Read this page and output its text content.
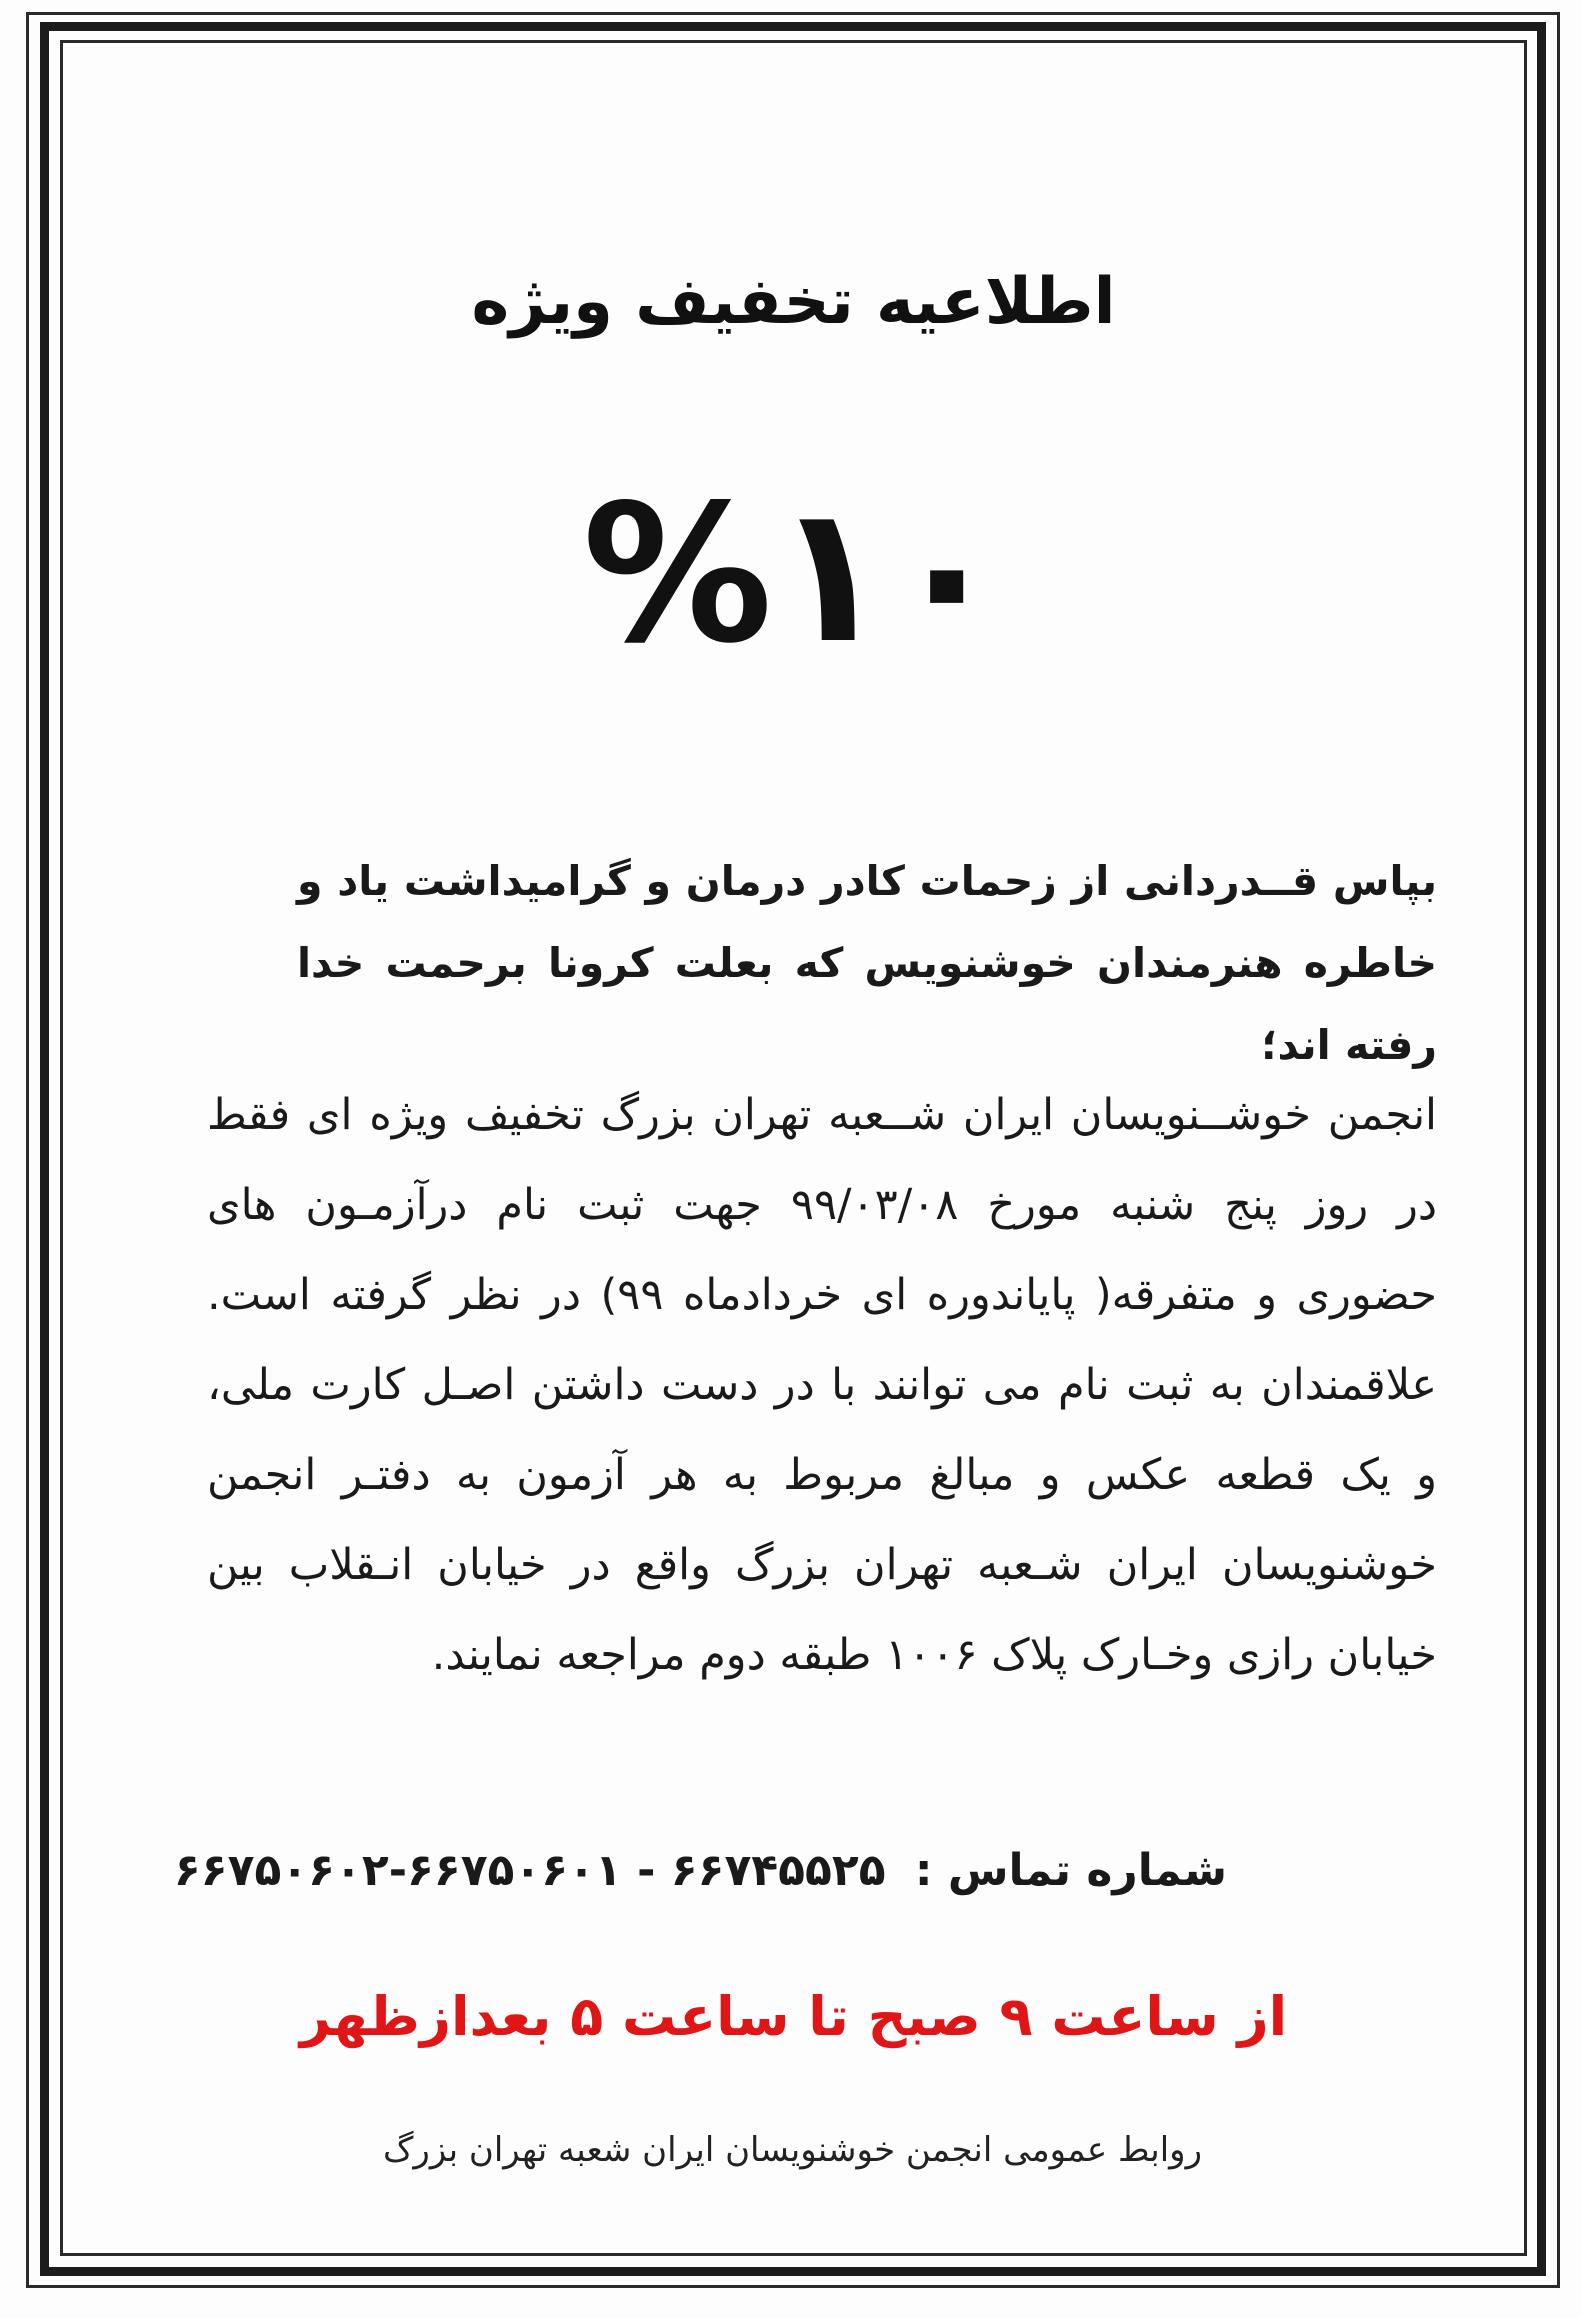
اطلاعیه تخفیف ویژه
%۱۰
بپاس قــدردانی از زحمات کادر درمان و گرامیداشت یاد و خاطره هنرمندان خوشنویس که بعلت کرونا برحمت خدا رفته اند؛
انجمن خوشــنویسان ایران شــعبه تهران بزرگ تخفیف ویژه ای فقط در روز پنج شنبه مورخ ۹۹/۰۳/۰۸ جهت ثبت نام درآزمـون های حضوری و متفرقه( پایاندوره ای خردادماه ۹۹) در نظر گرفته است. علاقمندان به ثبت نام می توانند با در دست داشتن اصـل کارت ملی، و یک قطعه عکس و مبالغ مربوط به هر آزمون به دفتـر انجمن خوشنویسان ایران شـعبه تهران بزرگ واقع در خیابان انـقلاب بین خیابان رازی وخـارک پلاک ۱۰۰۶ طبقه دوم مراجعه نمایند.
شماره تماس : ۶۶۷۴۵۵۲۵ - ۶۶۷۵۰۶۰۱-۶۶۷۵۰۶۰۲
از ساعت ۹ صبح تا ساعت ۵ بعدازظهر
روابط عمومی انجمن خوشنویسان ایران شعبه تهران بزرگ
